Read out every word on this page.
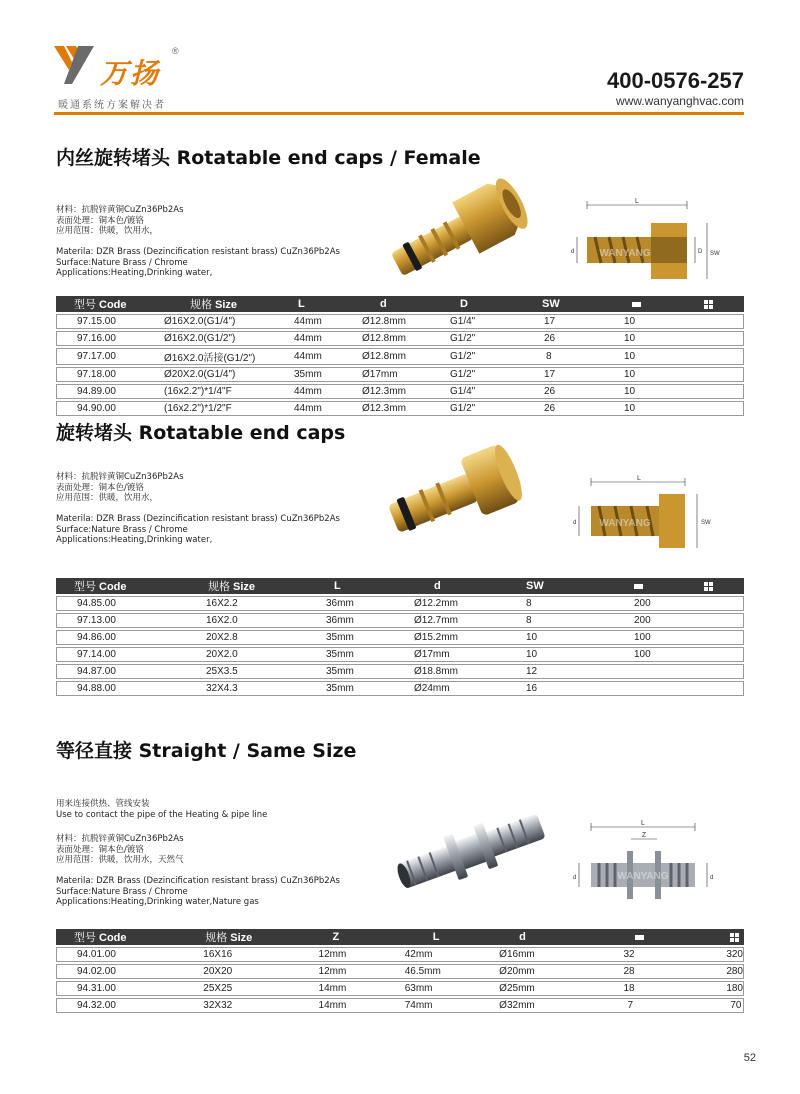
万扬
®
暖通系统方案解决者
400-0576-257
www.wanyanghvac.com
内丝旋转堵头 Rotatable end caps / Female
材料：抗脱锌黄铜CuZn36Pb2As
表面处理：铜本色/镀铬
应用范围：供暖，饮用水，
Materila: DZR Brass (Dezincification resistant brass) CuZn36Pb2As
Surface:Nature Brass / Chrome
Applications:Heating,Drinking water,
L
WANYANG
d	D SW
型号 Code	规格 Size	L	d	D	SW		
97.15.00	Ø16X2.0(G1/4")	44mm	Ø12.8mm	G1/4"	17	10	
97.16.00	Ø16X2.0(G1/2")	44mm	Ø12.8mm	G1/2"	26	10	
97.17.00	Ø16X2.0活接(G1/2")	44mm	Ø12.8mm	G1/2"	8	10	
97.18.00	Ø20X2.0(G1/4")	35mm	Ø17mm	G1/2"	17	10	
94.89.00	(16x2.2")*1/4"F	44mm	Ø12.3mm	G1/4"	26	10	
94.90.00	(16x2.2")*1/2"F	44mm	Ø12.3mm	G1/2"	26	10	
旋转堵头 Rotatable end caps
材料：抗脱锌黄铜CuZn36Pb2As
表面处理：铜本色/镀铬
应用范围：供暖，饮用水，
Materila: DZR Brass (Dezincification resistant brass) CuZn36Pb2As
Surface:Nature Brass / Chrome
Applications:Heating,Drinking water,
L
WANYANG
d	SW
型号 Code	规格 Size	L	d	SW		
94.85.00	16X2.2	36mm	Ø12.2mm	8	200	
97.13.00	16X2.0	36mm	Ø12.7mm	8	200	
94.86.00	20X2.8	35mm	Ø15.2mm	10	100	
97.14.00	20X2.0	35mm	Ø17mm	10	100	
94.87.00	25X3.5	35mm	Ø18.8mm	12		
94.88.00	32X4.3	35mm	Ø24mm	16		
等径直接 Straight / Same Size
用来连接供热、管线安装
Use to contact the pipe of the Heating & pipe line
材料：抗脱锌黄铜CuZn36Pb2As
表面处理：铜本色/镀铬
应用范围：供暖，饮用水，天然气
Materila: DZR Brass (Dezincification resistant brass) CuZn36Pb2As
Surface:Nature Brass / Chrome
Applications:Heating,Drinking water,Nature gas
L
Z
WANYANG
d	d
型号 Code	规格 Size	Z	L	d		
94.01.00	16X16	12mm	42mm	Ø16mm	32	320
94.02.00	20X20	12mm	46.5mm	Ø20mm	28	280
94.31.00	25X25	14mm	63mm	Ø25mm	18	180
94.32.00	32X32	14mm	74mm	Ø32mm	7	70
52
